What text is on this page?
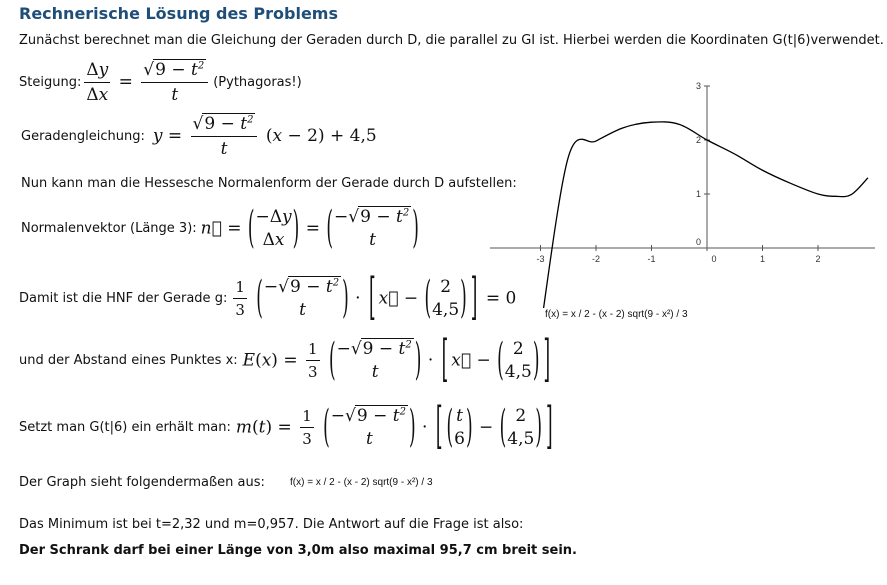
Rechnerische Lösung des Problems
Zunächst berechnet man die Gleichung der Geraden durch D, die parallel zu GI ist. Hierbei werden die Koordinaten G(t|6)verwendet.
Steigung: $\frac{\Delta y}{\Delta x} = \frac{√9 - t^2}{t}$ (Pythagoras!)
Geradengleichung: $y = \frac{√9 - t^2}{t} (x - 2) + 4,5$
Nun kann man die Hessesche Normalenform der Gerade durch D aufstellen:
Normalenvektor (Länge 3): n⃗ = ( −Δy
Δx ) = ( $-√9 - t^2$
t )
Damit ist die HNF der Gerade g: $\frac{1}{3}$ ( $-√9 - t^2$
t ) · [ x⃗ − ( 2
4,5 ) ] = 0
und der Abstand eines Punktes x: $E(x) = \frac{1}{3}$ ( $-√9 - t^2$
t ) · [ x⃗ − ( 2
4,5 ) ]
Setzt man G(t|6) ein erhält man: $m(t) = \frac{1}{3}$ ( $-√9 - t^2$
t ) · [ ( t
6 ) − ( 2
4,5 ) ]
Der Graph sieht folgendermaßen aus:	f(x) = x / 2 - (x - 2) sqrt(9 - x²) / 3
Das Minimum ist bei t=2,32 und m=0,957. Die Antwort auf die Frage ist also:
Der Schrank darf bei einer Länge von 3,0m also maximal 95,7 cm breit sein.
-3	-2	-1	0	1	2
0
1
2
3
f(x) = x / 2 - (x - 2) sqrt(9 - x²) / 3
